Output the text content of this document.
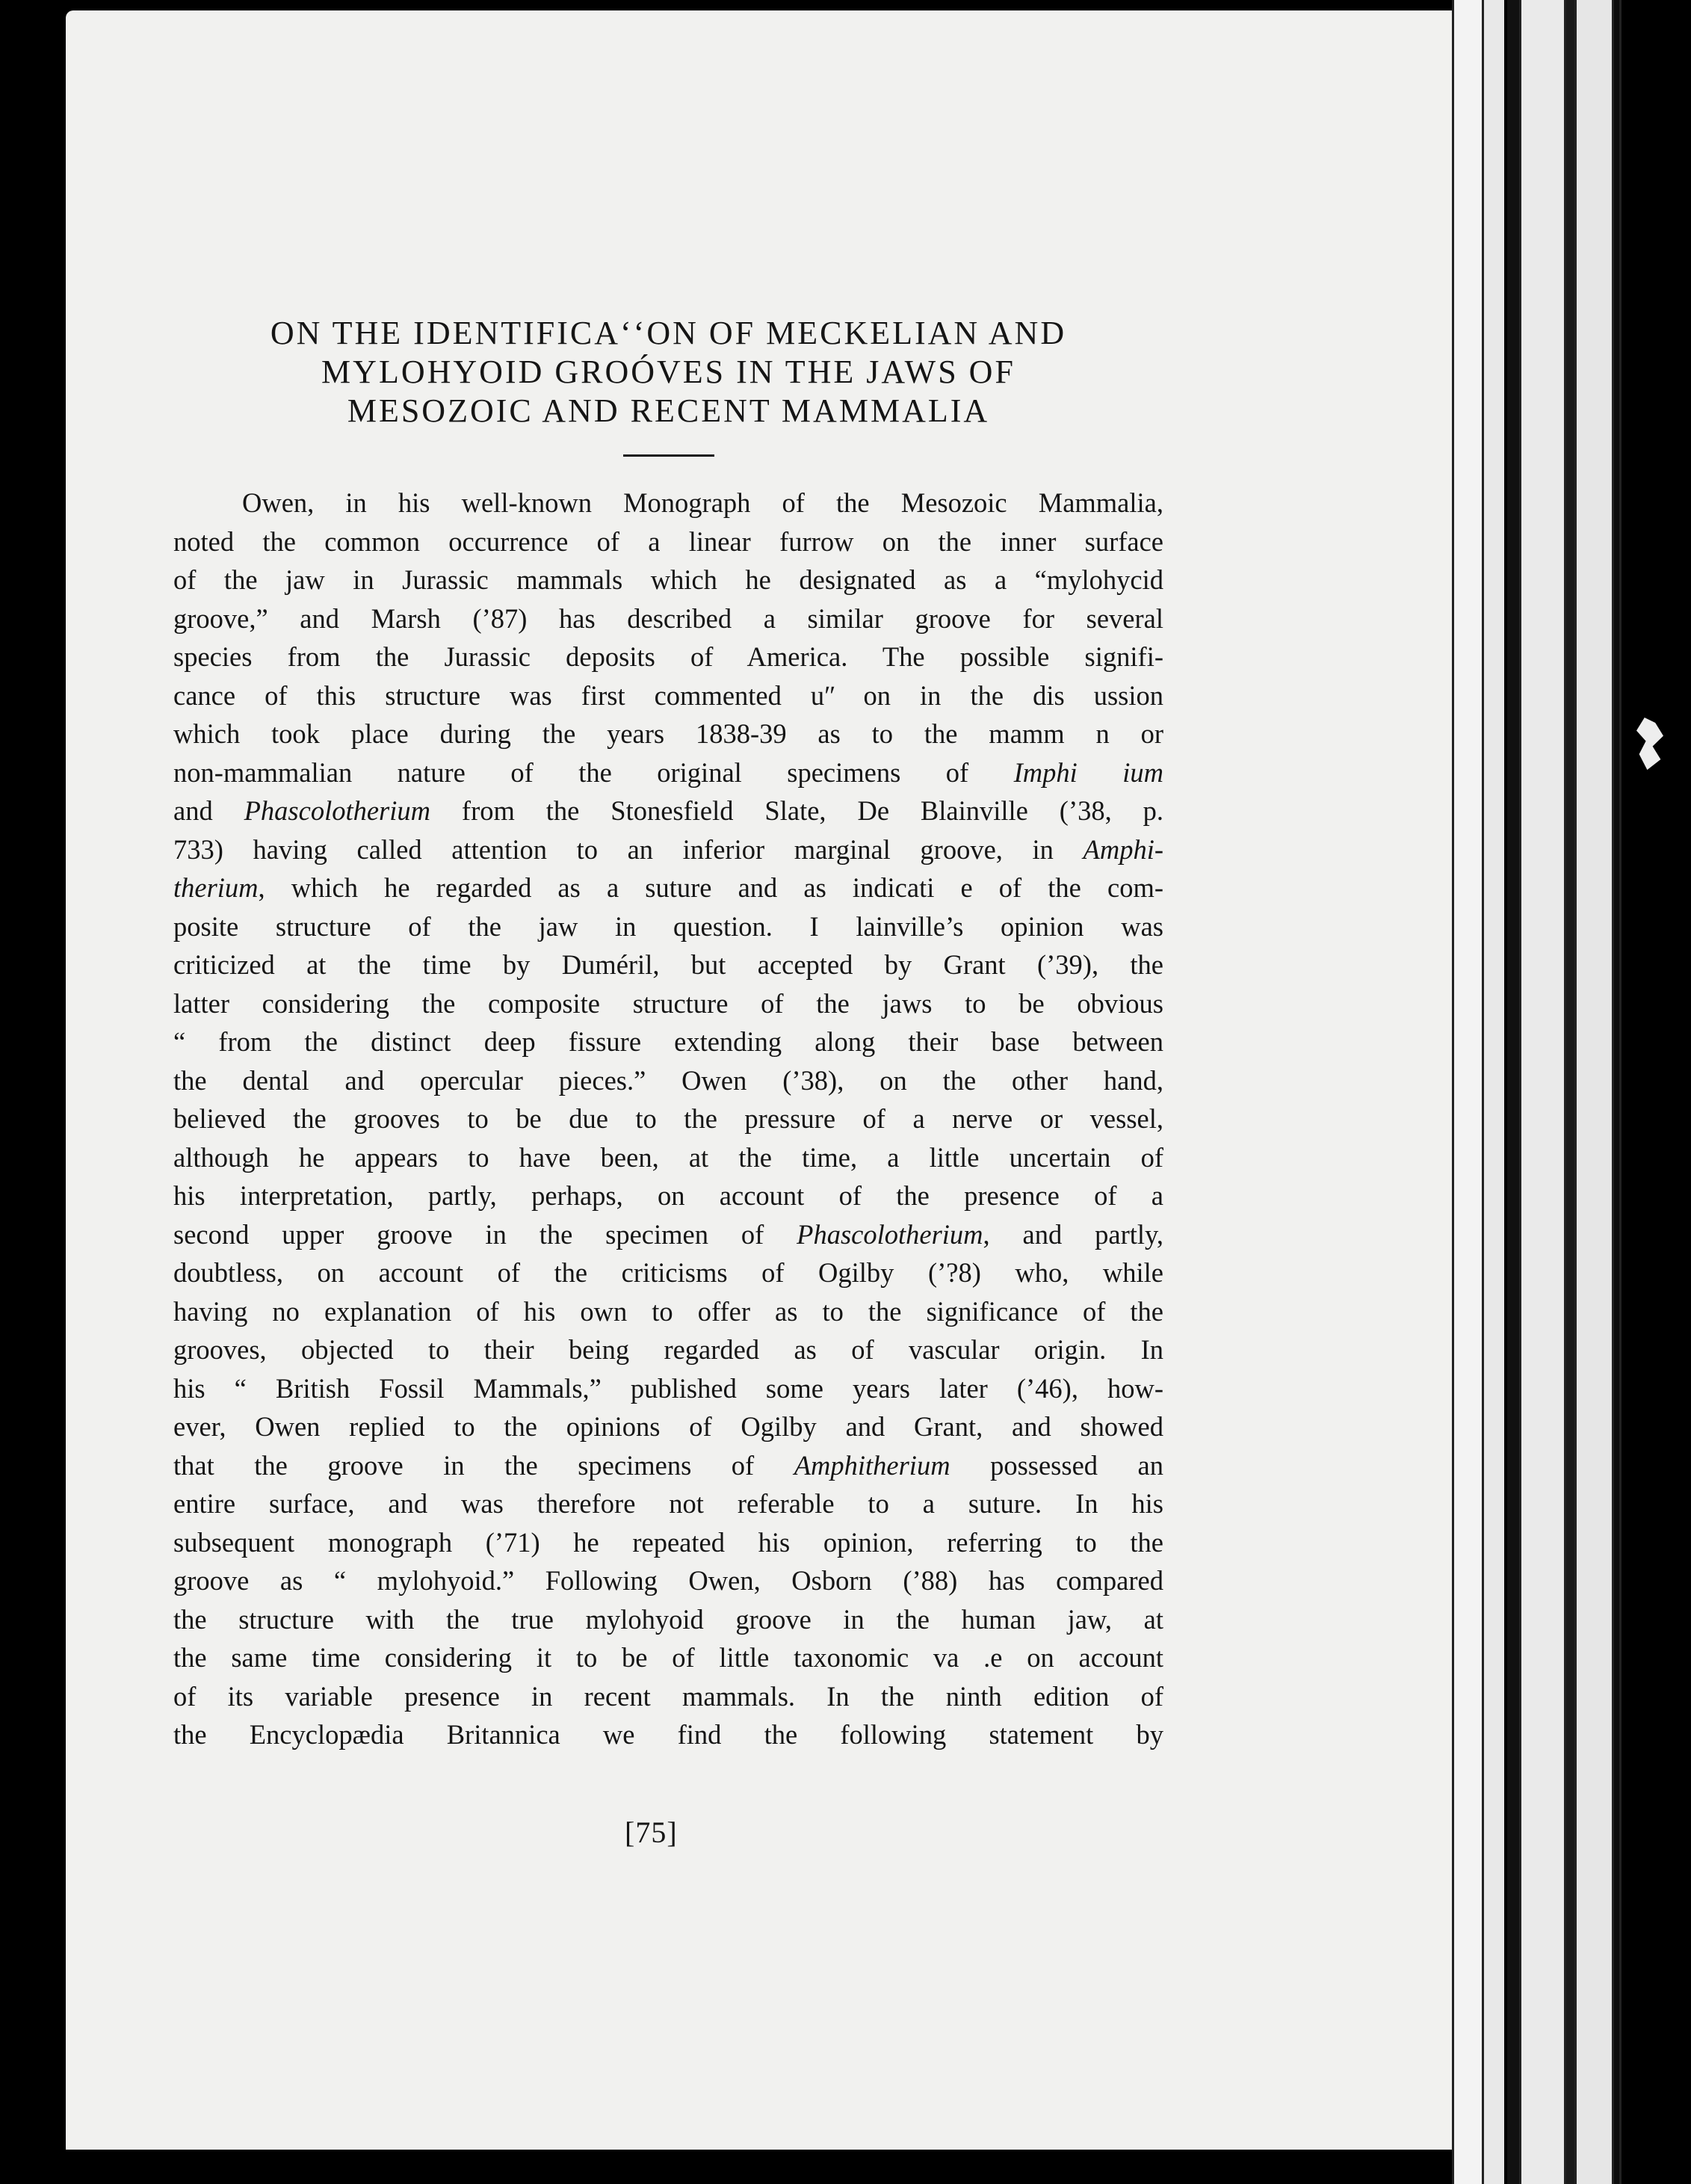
ON THE IDENTIFICAʻʻON OF MECKELIAN AND
MYLOHYOID GROÓVES IN THE JAWS OF
MESOZOIC AND RECENT MAMMALIA
Owen, in his well-known Monograph of the Mesozoic Mammalia,
noted the common occurrence of a linear furrow on the inner surface
of the jaw in Jurassic mammals which he designated as a “mylohycid
groove,” and Marsh (’87) has described a similar groove for several
species from the Jurassic deposits of America. The possible signifi-
cance of this structure was first commented uʺ on in the dis ussion
which took place during the years 1838-39 as to the mamm n or
non-mammalian nature of the original specimens of Imphi ium
and Phascolotherium from the Stonesfield Slate, De Blainville (’38, p.
733) having called attention to an inferior marginal groove, in Amphi-
therium, which he regarded as a suture and as indicati e of the com-
posite structure of the jaw in question. I lainville’s opinion was
criticized at the time by Duméril, but accepted by Grant (’39), the
latter considering the composite structure of the jaws to be obvious
“ from the distinct deep fissure extending along their base between
the dental and opercular pieces.” Owen (’38), on the other hand,
believed the grooves to be due to the pressure of a nerve or vessel,
although he appears to have been, at the time, a little uncertain of
his interpretation, partly, perhaps, on account of the presence of a
second upper groove in the specimen of Phascolotherium, and partly,
doubtless, on account of the criticisms of Ogilby (’?8) who, while
having no explanation of his own to offer as to the significance of the
grooves, objected to their being regarded as of vascular origin. In
his “ British Fossil Mammals,” published some years later (’46), how-
ever, Owen replied to the opinions of Ogilby and Grant, and showed
that the groove in the specimens of Amphitherium possessed an
entire surface, and was therefore not referable to a suture. In his
subsequent monograph (’71) he repeated his opinion, referring to the
groove as “ mylohyoid.” Following Owen, Osborn (’88) has compared
the structure with the true mylohyoid groove in the human jaw, at
the same time considering it to be of little taxonomic va .e on account
of its variable presence in recent mammals. In the ninth edition of
the Encyclopædia Britannica we find the following statement by
[75]
